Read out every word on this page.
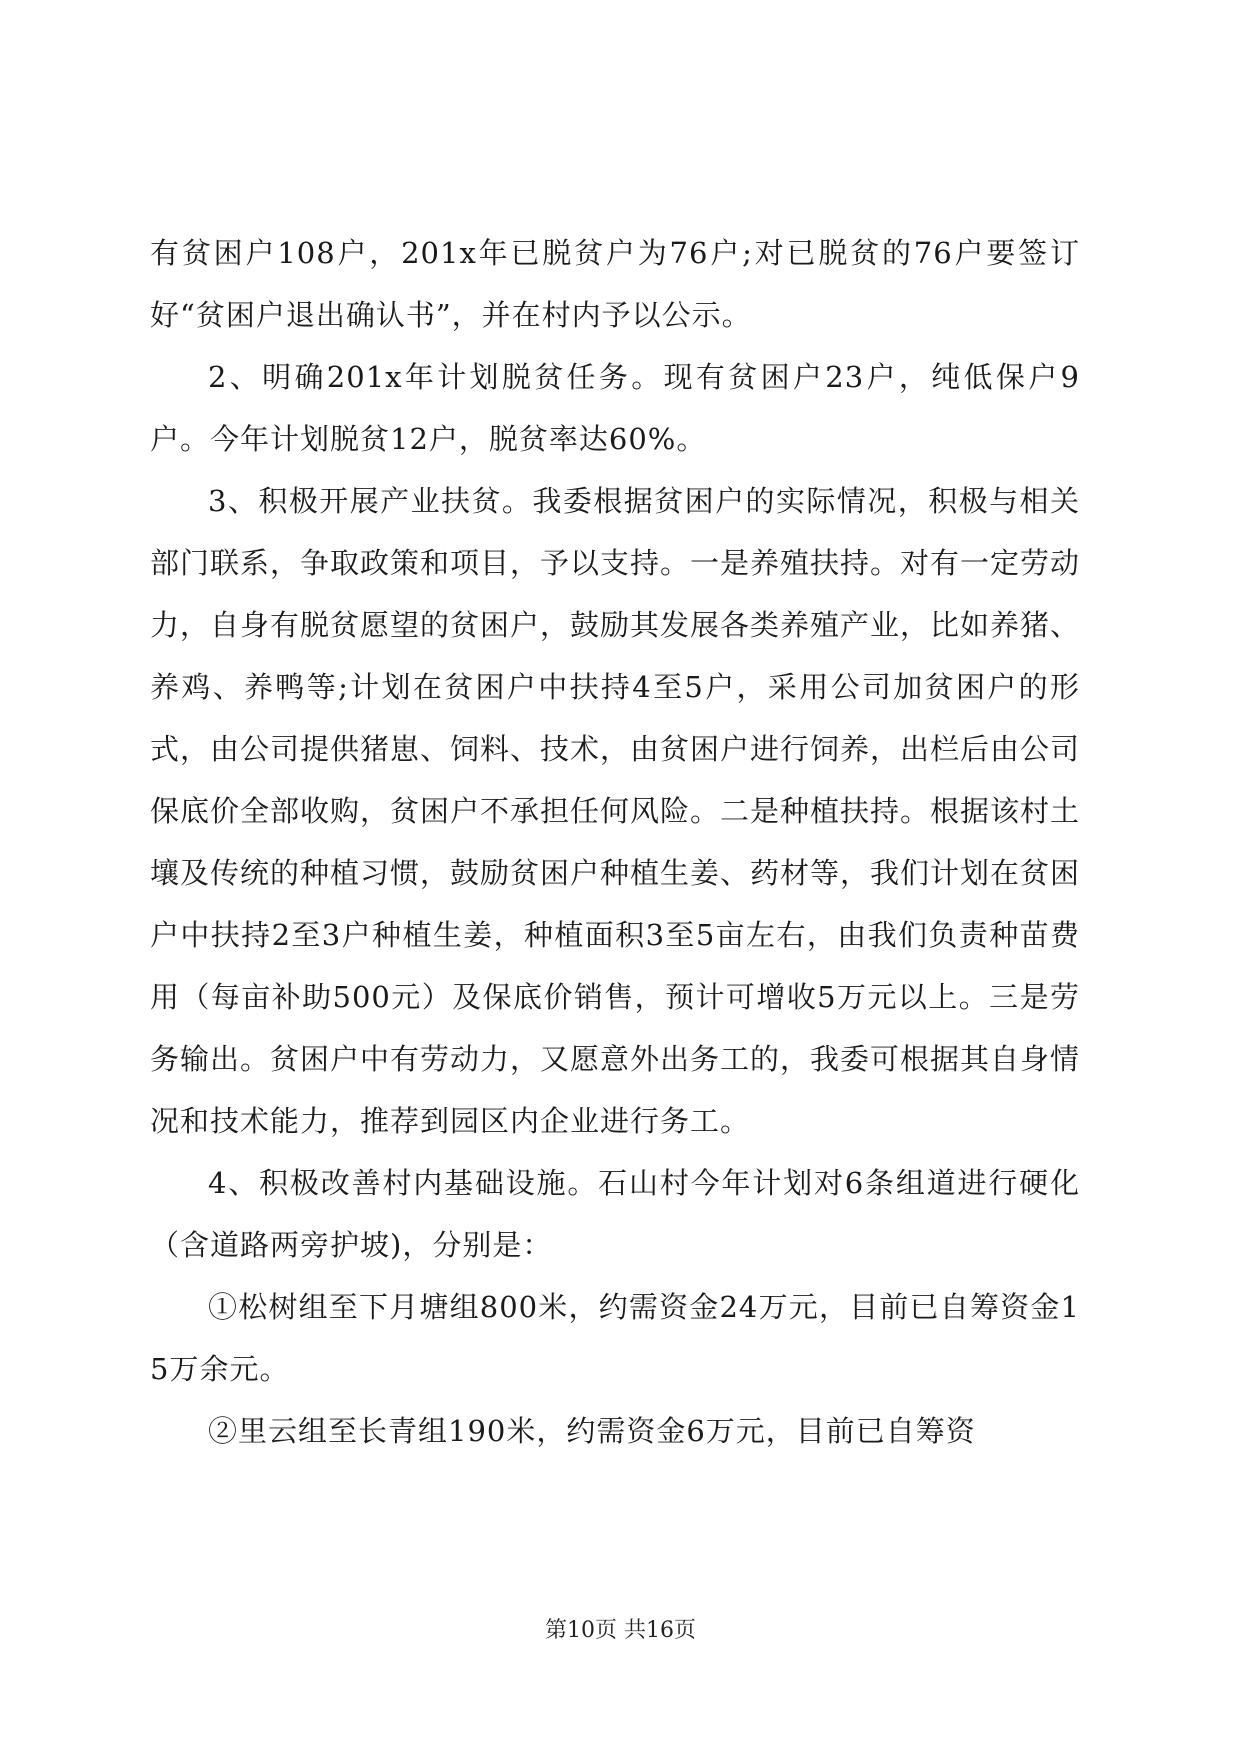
有贫困户108户，201x年已脱贫户为76户;对已脱贫的76户要签订好“贫困户退出确认书”，并在村内予以公示。

2、明确201x年计划脱贫任务。现有贫困户23户，纯低保户9户。今年计划脱贫12户，脱贫率达60%。

3、积极开展产业扶贫。我委根据贫困户的实际情况，积极与相关部门联系，争取政策和项目，予以支持。一是养殖扶持。对有一定劳动力，自身有脱贫愿望的贫困户，鼓励其发展各类养殖产业，比如养猪、养鸡、养鸭等;计划在贫困户中扶持4至5户，采用公司加贫困户的形式，由公司提供猪崽、饲料、技术，由贫困户进行饲养，出栏后由公司保底价全部收购，贫困户不承担任何风险。二是种植扶持。根据该村土壤及传统的种植习惯，鼓励贫困户种植生姜、药材等，我们计划在贫困户中扶持2至3户种植生姜，种植面积3至5亩左右，由我们负责种苗费用（每亩补助500元）及保底价销售，预计可增收5万元以上。三是劳务输出。贫困户中有劳动力，又愿意外出务工的，我委可根据其自身情况和技术能力，推荐到园区内企业进行务工。

4、积极改善村内基础设施。石山村今年计划对6条组道进行硬化（含道路两旁护坡)，分别是：

①松树组至下月塘组800米，约需资金24万元，目前已自筹资金15万余元。

②里云组至长青组190米，约需资金6万元，目前已自筹资

第10页 共16页
